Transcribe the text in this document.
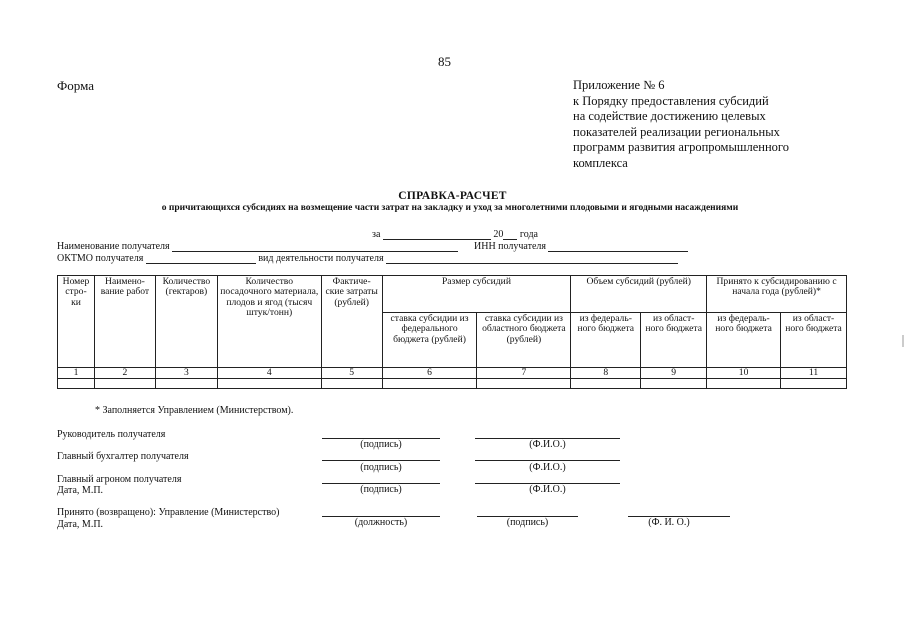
85
Форма	Приложение № 6
к Порядку предоставления субсидий
на содействие достижению целевых
показателей реализации региональных
программ развития агропромышленного
комплекса
СПРАВКА-РАСЧЕТ
о причитающихся субсидиях на возмещение части затрат на закладку и уход за многолетними плодовыми и ягодными насаждениями
за	20 года
Наименование получателя	ИНН получателя
ОКТМО получателя	вид деятельности получателя
Номер стро- ки	Наимено- вание работ	Количество (гектаров)	Количество посадочного материала, плодов и ягод (тысяч штук/тонн)	Фактиче- ские затраты (рублей)	Размер субсидий		Объем субсидий (рублей)		Принято к субсидированию с начала года (рублей)*	
					ставка субсидии из федерального бюджета (рублей)	ставка субсидии из областного бюджета (рублей)	из федераль- ного бюджета	из област- ного бюджета	из федераль- ного бюджета	из област- ного бюджета
1	2	3	4	5	6	7	8	9	10	11

* Заполняется Управлением (Министерством).
Руководитель получателя
(подпись)	(Ф.И.О.)
Главный бухгалтер получателя
(подпись)	(Ф.И.О.)
Главный агроном получателя
Дата, М.П.	(подпись)	(Ф.И.О.)
Принято (возвращено): Управление (Министерство)
Дата, М.П.	(должность)	(подпись)	(Ф. И. О.)
